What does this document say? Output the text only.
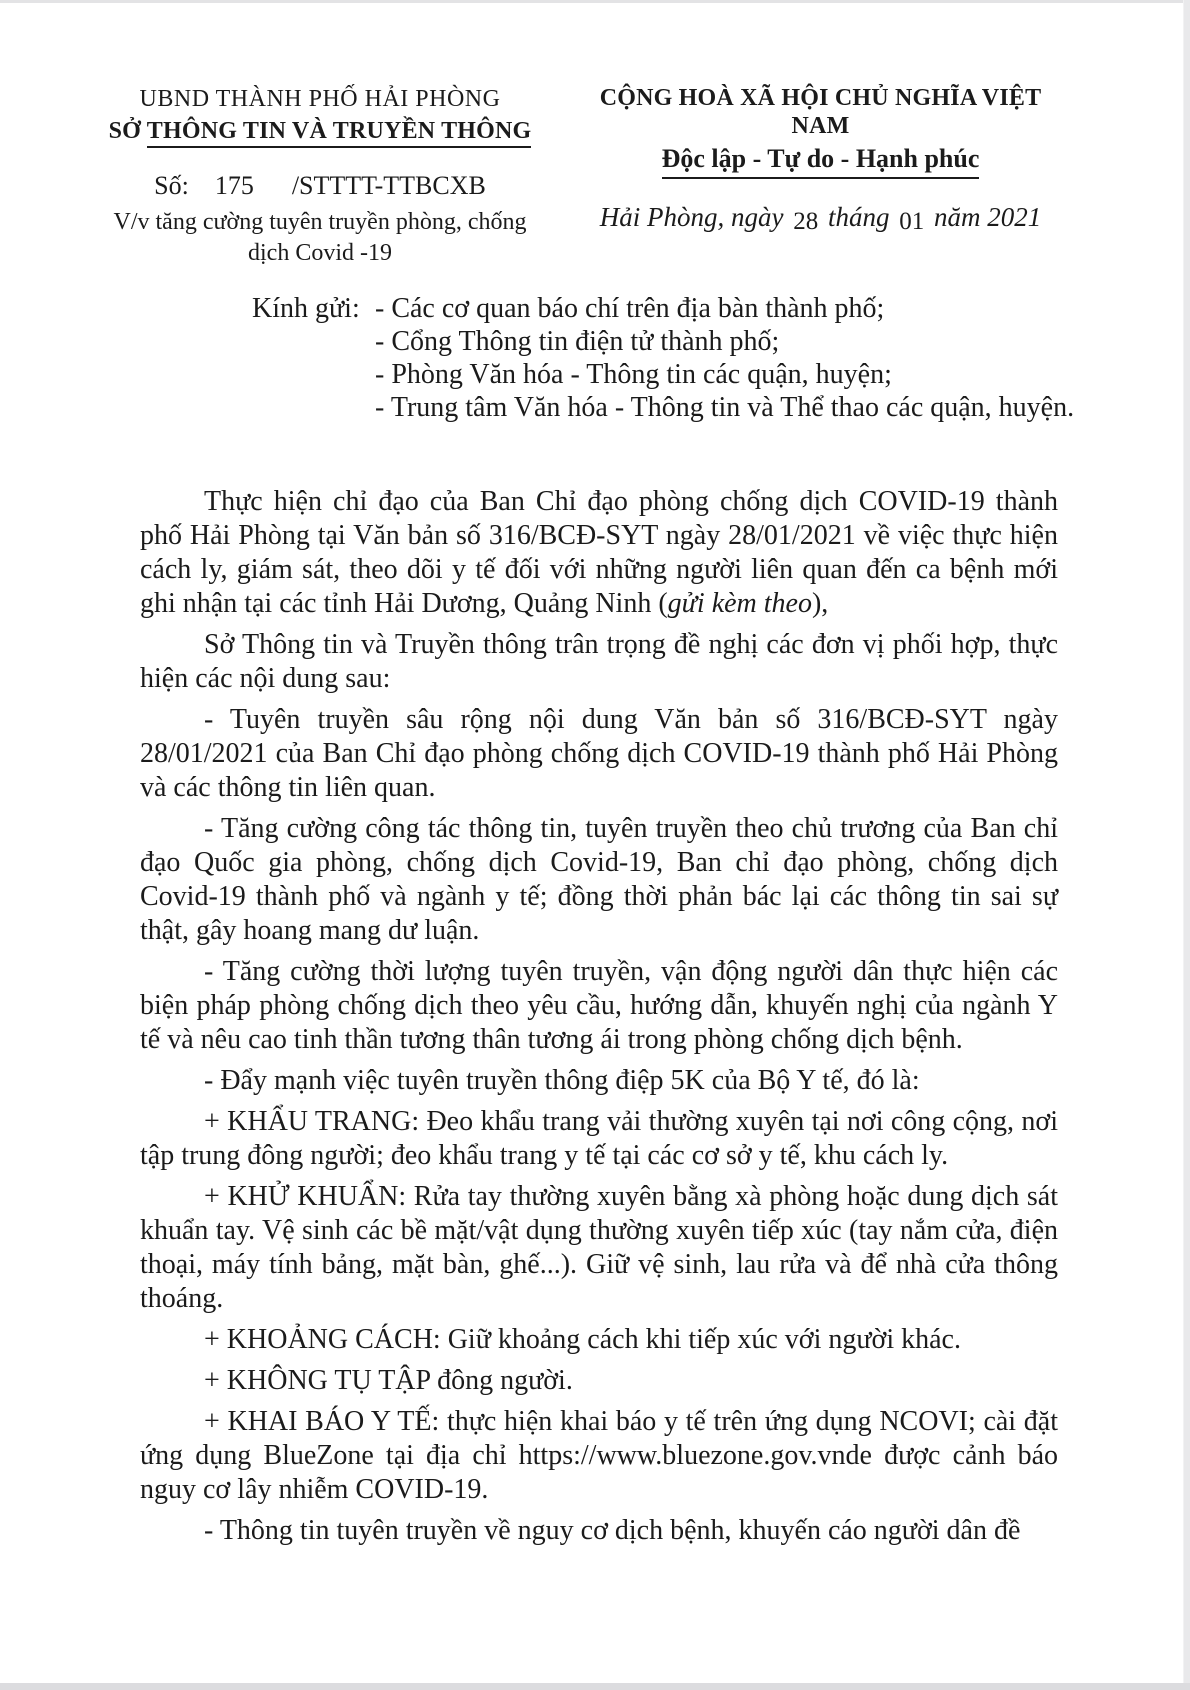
UBND THÀNH PHỐ HẢI PHÒNG
SỞ THÔNG TIN VÀ TRUYỀN THÔNG
Số: 175 /STTTT-TTBCXB
V/v tăng cường tuyên truyền phòng, chống
dịch Covid -19
CỘNG HOÀ XÃ HỘI CHỦ NGHĨA VIỆT NAM
Độc lập - Tự do - Hạnh phúc
Hải Phòng, ngày 28 tháng 01 năm 2021
Kính gửi: - Các cơ quan báo chí trên địa bàn thành phố;
- Cổng Thông tin điện tử thành phố;
- Phòng Văn hóa - Thông tin các quận, huyện;
- Trung tâm Văn hóa - Thông tin và Thể thao các quận, huyện.

Thực hiện chỉ đạo của Ban Chỉ đạo phòng chống dịch COVID-19 thành phố Hải Phòng tại Văn bản số 316/BCĐ-SYT ngày 28/01/2021 về việc thực hiện cách ly, giám sát, theo dõi y tế đối với những người liên quan đến ca bệnh mới ghi nhận tại các tỉnh Hải Dương, Quảng Ninh (gửi kèm theo),

Sở Thông tin và Truyền thông trân trọng đề nghị các đơn vị phối hợp, thực hiện các nội dung sau:

- Tuyên truyền sâu rộng nội dung Văn bản số 316/BCĐ-SYT ngày 28/01/2021 của Ban Chỉ đạo phòng chống dịch COVID-19 thành phố Hải Phòng và các thông tin liên quan.

- Tăng cường công tác thông tin, tuyên truyền theo chủ trương của Ban chỉ đạo Quốc gia phòng, chống dịch Covid-19, Ban chỉ đạo phòng, chống dịch Covid-19 thành phố và ngành y tế; đồng thời phản bác lại các thông tin sai sự thật, gây hoang mang dư luận.

- Tăng cường thời lượng tuyên truyền, vận động người dân thực hiện các biện pháp phòng chống dịch theo yêu cầu, hướng dẫn, khuyến nghị của ngành Y tế và nêu cao tinh thần tương thân tương ái trong phòng chống dịch bệnh.

- Đẩy mạnh việc tuyên truyền thông điệp 5K của Bộ Y tế, đó là:

+ KHẨU TRANG: Đeo khẩu trang vải thường xuyên tại nơi công cộng, nơi tập trung đông người; đeo khẩu trang y tế tại các cơ sở y tế, khu cách ly.

+ KHỬ KHUẨN: Rửa tay thường xuyên bằng xà phòng hoặc dung dịch sát khuẩn tay. Vệ sinh các bề mặt/vật dụng thường xuyên tiếp xúc (tay nắm cửa, điện thoại, máy tính bảng, mặt bàn, ghế...). Giữ vệ sinh, lau rửa và để nhà cửa thông thoáng.

+ KHOẢNG CÁCH: Giữ khoảng cách khi tiếp xúc với người khác.

+ KHÔNG TỤ TẬP đông người.

+ KHAI BÁO Y TẾ: thực hiện khai báo y tế trên ứng dụng NCOVI; cài đặt ứng dụng BlueZone tại địa chỉ https://www.bluezone.gov.vnde được cảnh báo nguy cơ lây nhiễm COVID-19.

- Thông tin tuyên truyền về nguy cơ dịch bệnh, khuyến cáo người dân đề
